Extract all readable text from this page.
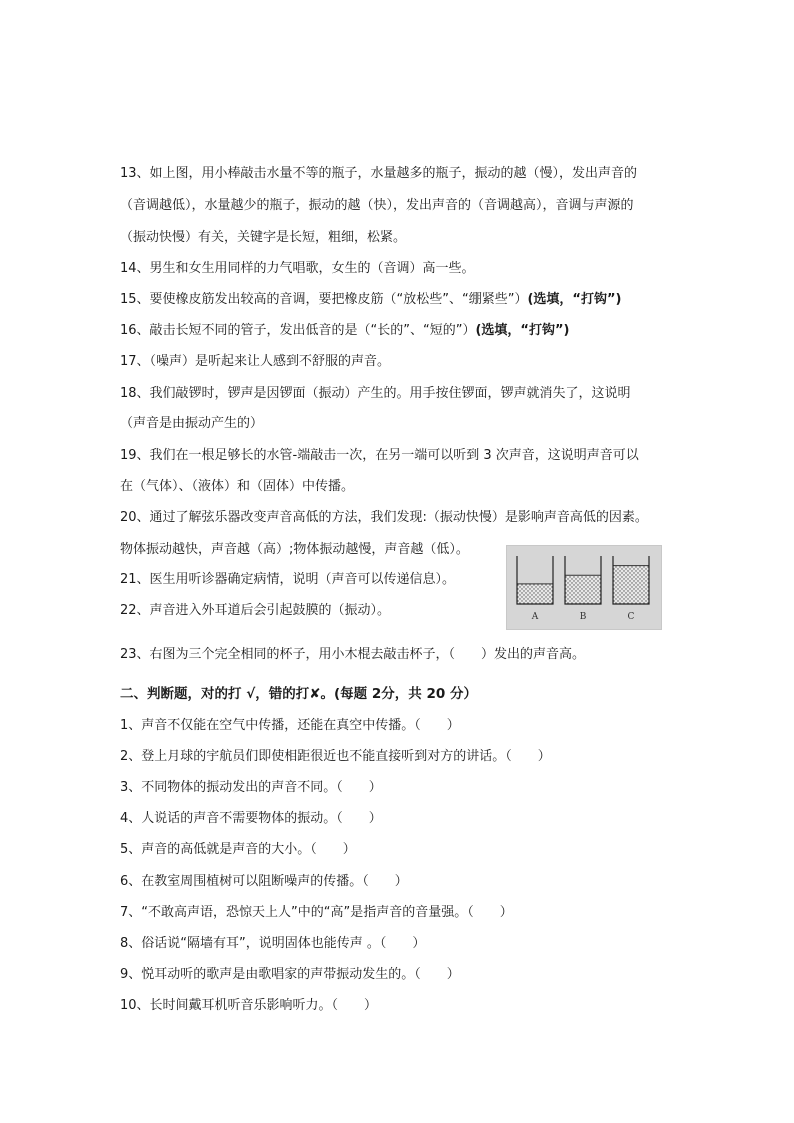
13、如上图，用小棒敲击水量不等的瓶子，水量越多的瓶子，振动的越（慢），发出声音的
（音调越低），水量越少的瓶子，振动的越（快），发出声音的（音调越高），音调与声源的
（振动快慢）有关，关键字是长短，粗细，松紧。
14、男生和女生用同样的力气唱歌，女生的（音调）高一些。
15、要使橡皮筋发出较高的音调，要把橡皮筋（“放松些”、“绷紧些”）(选填，“打钩”)
16、敲击长短不同的管子，发出低音的是（“长的”、“短的”）(选填，“打钩”)
17、（噪声）是听起来让人感到不舒服的声音。
18、我们敲锣时，锣声是因锣面（振动）产生的。用手按住锣面，锣声就消失了，这说明
（声音是由振动产生的）
19、我们在一根足够长的水管-端敲击一次，在另一端可以听到 3 次声音，这说明声音可以
在（气体）、（液体）和（固体）中传播。
20、通过了解弦乐器改变声音高低的方法，我们发现:（振动快慢）是影响声音高低的因素。
物体振动越快，声音越（高）;物体振动越慢，声音越（低）。
21、医生用听诊器确定病情，说明（声音可以传递信息）。
22、声音进入外耳道后会引起鼓膜的（振动）。
23、右图为三个完全相同的杯子，用小木棍去敲击杯子，（　　）发出的声音高。
A	B	C
二、判断题，对的打 √，错的打✘。(每题 2分，共 20 分）
1、声音不仅能在空气中传播，还能在真空中传播。（　　）
2、登上月球的宇航员们即使相距很近也不能直接听到对方的讲话。（　　）
3、不同物体的振动发出的声音不同。（　　）
4、人说话的声音不需要物体的振动。（　　）
5、声音的高低就是声音的大小。（　　）
6、在教室周围植树可以阻断噪声的传播。（　　）
7、“不敢高声语，恐惊天上人”中的“高”是指声音的音量强。（　　）
8、俗话说“隔墙有耳”，说明固体也能传声 。（　　）
9、悦耳动听的歌声是由歌唱家的声带振动发生的。（　　）
10、长时间戴耳机听音乐影响听力。（　　）
